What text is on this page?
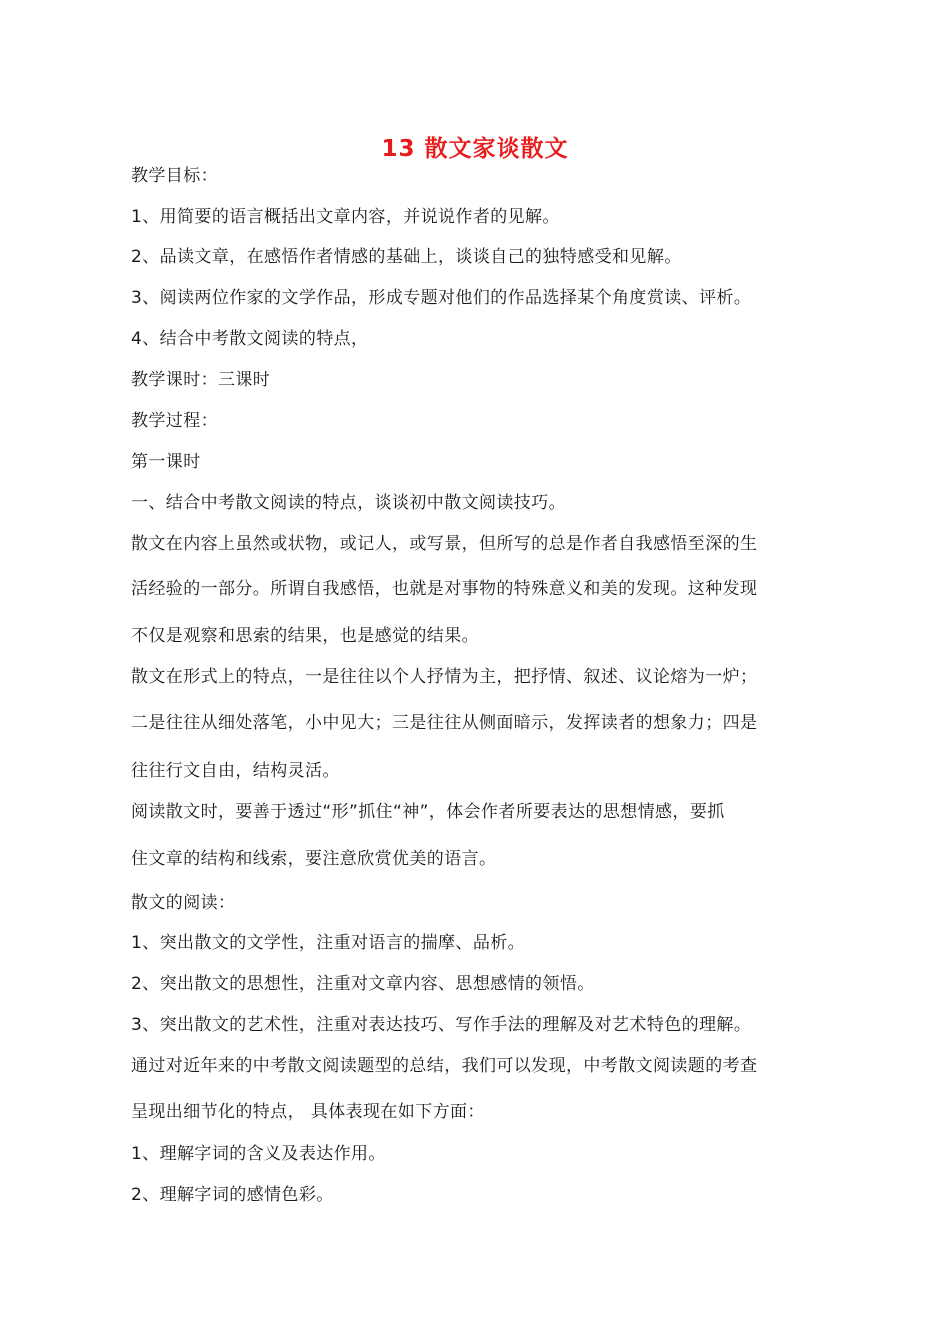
13 散文家谈散文
教学目标：
1、用简要的语言概括出文章内容，并说说作者的见解。
2、品读文章，在感悟作者情感的基础上，谈谈自己的独特感受和见解。
3、阅读两位作家的文学作品，形成专题对他们的作品选择某个角度赏读、评析。
4、结合中考散文阅读的特点，
教学课时：三课时
教学过程：
第一课时
一、结合中考散文阅读的特点，谈谈初中散文阅读技巧。
散文在内容上虽然或状物，或记人，或写景，但所写的总是作者自我感悟至深的生
活经验的一部分。所谓自我感悟，也就是对事物的特殊意义和美的发现。这种发现
不仅是观察和思索的结果，也是感觉的结果。
散文在形式上的特点，一是往往以个人抒情为主，把抒情、叙述、议论熔为一炉；
二是往往从细处落笔，小中见大；三是往往从侧面暗示，发挥读者的想象力；四是
往往行文自由，结构灵活。
阅读散文时，要善于透过“形”抓住“神”，体会作者所要表达的思想情感，要抓
住文章的结构和线索，要注意欣赏优美的语言。
散文的阅读：
1、突出散文的文学性，注重对语言的揣摩、品析。
2、突出散文的思想性，注重对文章内容、思想感情的领悟。
3、突出散文的艺术性，注重对表达技巧、写作手法的理解及对艺术特色的理解。
通过对近年来的中考散文阅读题型的总结，我们可以发现，中考散文阅读题的考查
呈现出细节化的特点， 具体表现在如下方面：
1、理解字词的含义及表达作用。
2、理解字词的感情色彩。
